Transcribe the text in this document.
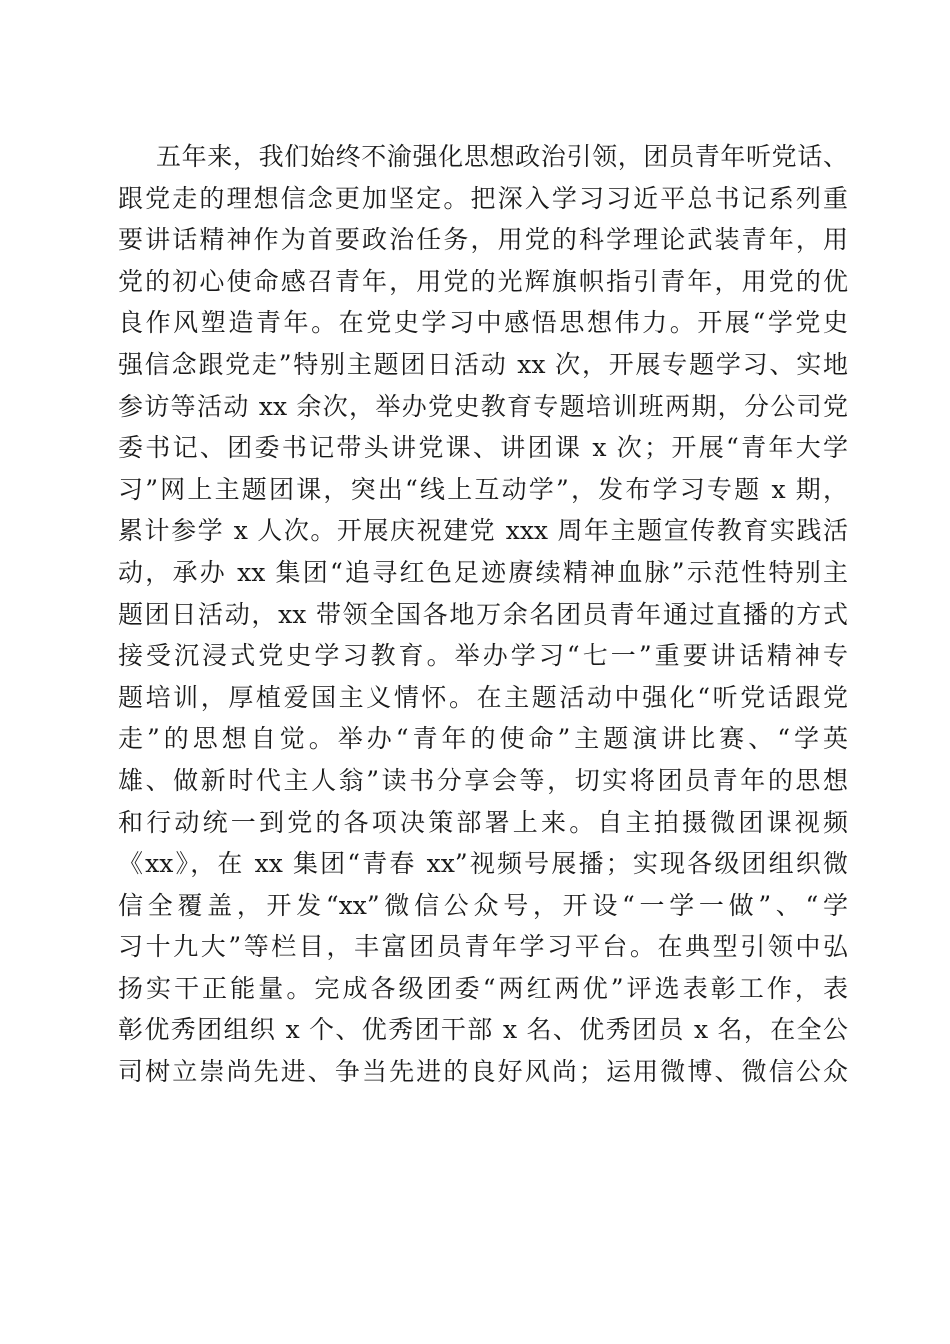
五年来，我们始终不渝强化思想政治引领，团员青年听党话、
跟党走的理想信念更加坚定。把深入学习习近平总书记系列重
要讲话精神作为首要政治任务，用党的科学理论武装青年，用
党的初心使命感召青年，用党的光辉旗帜指引青年，用党的优
良作风塑造青年。在党史学习中感悟思想伟力。开展“学党史
强信念跟党走”特别主题团日活动 xx 次，开展专题学习、实地
参访等活动 xx 余次，举办党史教育专题培训班两期，分公司党
委书记、团委书记带头讲党课、讲团课 x 次；开展“青年大学
习”网上主题团课，突出“线上互动学”，发布学习专题 x 期，
累计参学 x 人次。开展庆祝建党 xxx 周年主题宣传教育实践活
动，承办 xx 集团“追寻红色足迹赓续精神血脉”示范性特别主
题团日活动，xx 带领全国各地万余名团员青年通过直播的方式
接受沉浸式党史学习教育。举办学习“七一”重要讲话精神专
题培训，厚植爱国主义情怀。在主题活动中强化“听党话跟党
走”的思想自觉。举办“青年的使命”主题演讲比赛、“学英
雄、做新时代主人翁”读书分享会等，切实将团员青年的思想
和行动统一到党的各项决策部署上来。自主拍摄微团课视频
《xx》，在 xx 集团“青春 xx”视频号展播；实现各级团组织微
信全覆盖，开发“xx”微信公众号，开设“一学一做”、“学
习十九大”等栏目，丰富团员青年学习平台。在典型引领中弘
扬实干正能量。完成各级团委“两红两优”评选表彰工作，表
彰优秀团组织 x 个、优秀团干部 x 名、优秀团员 x 名，在全公
司树立崇尚先进、争当先进的良好风尚；运用微博、微信公众
